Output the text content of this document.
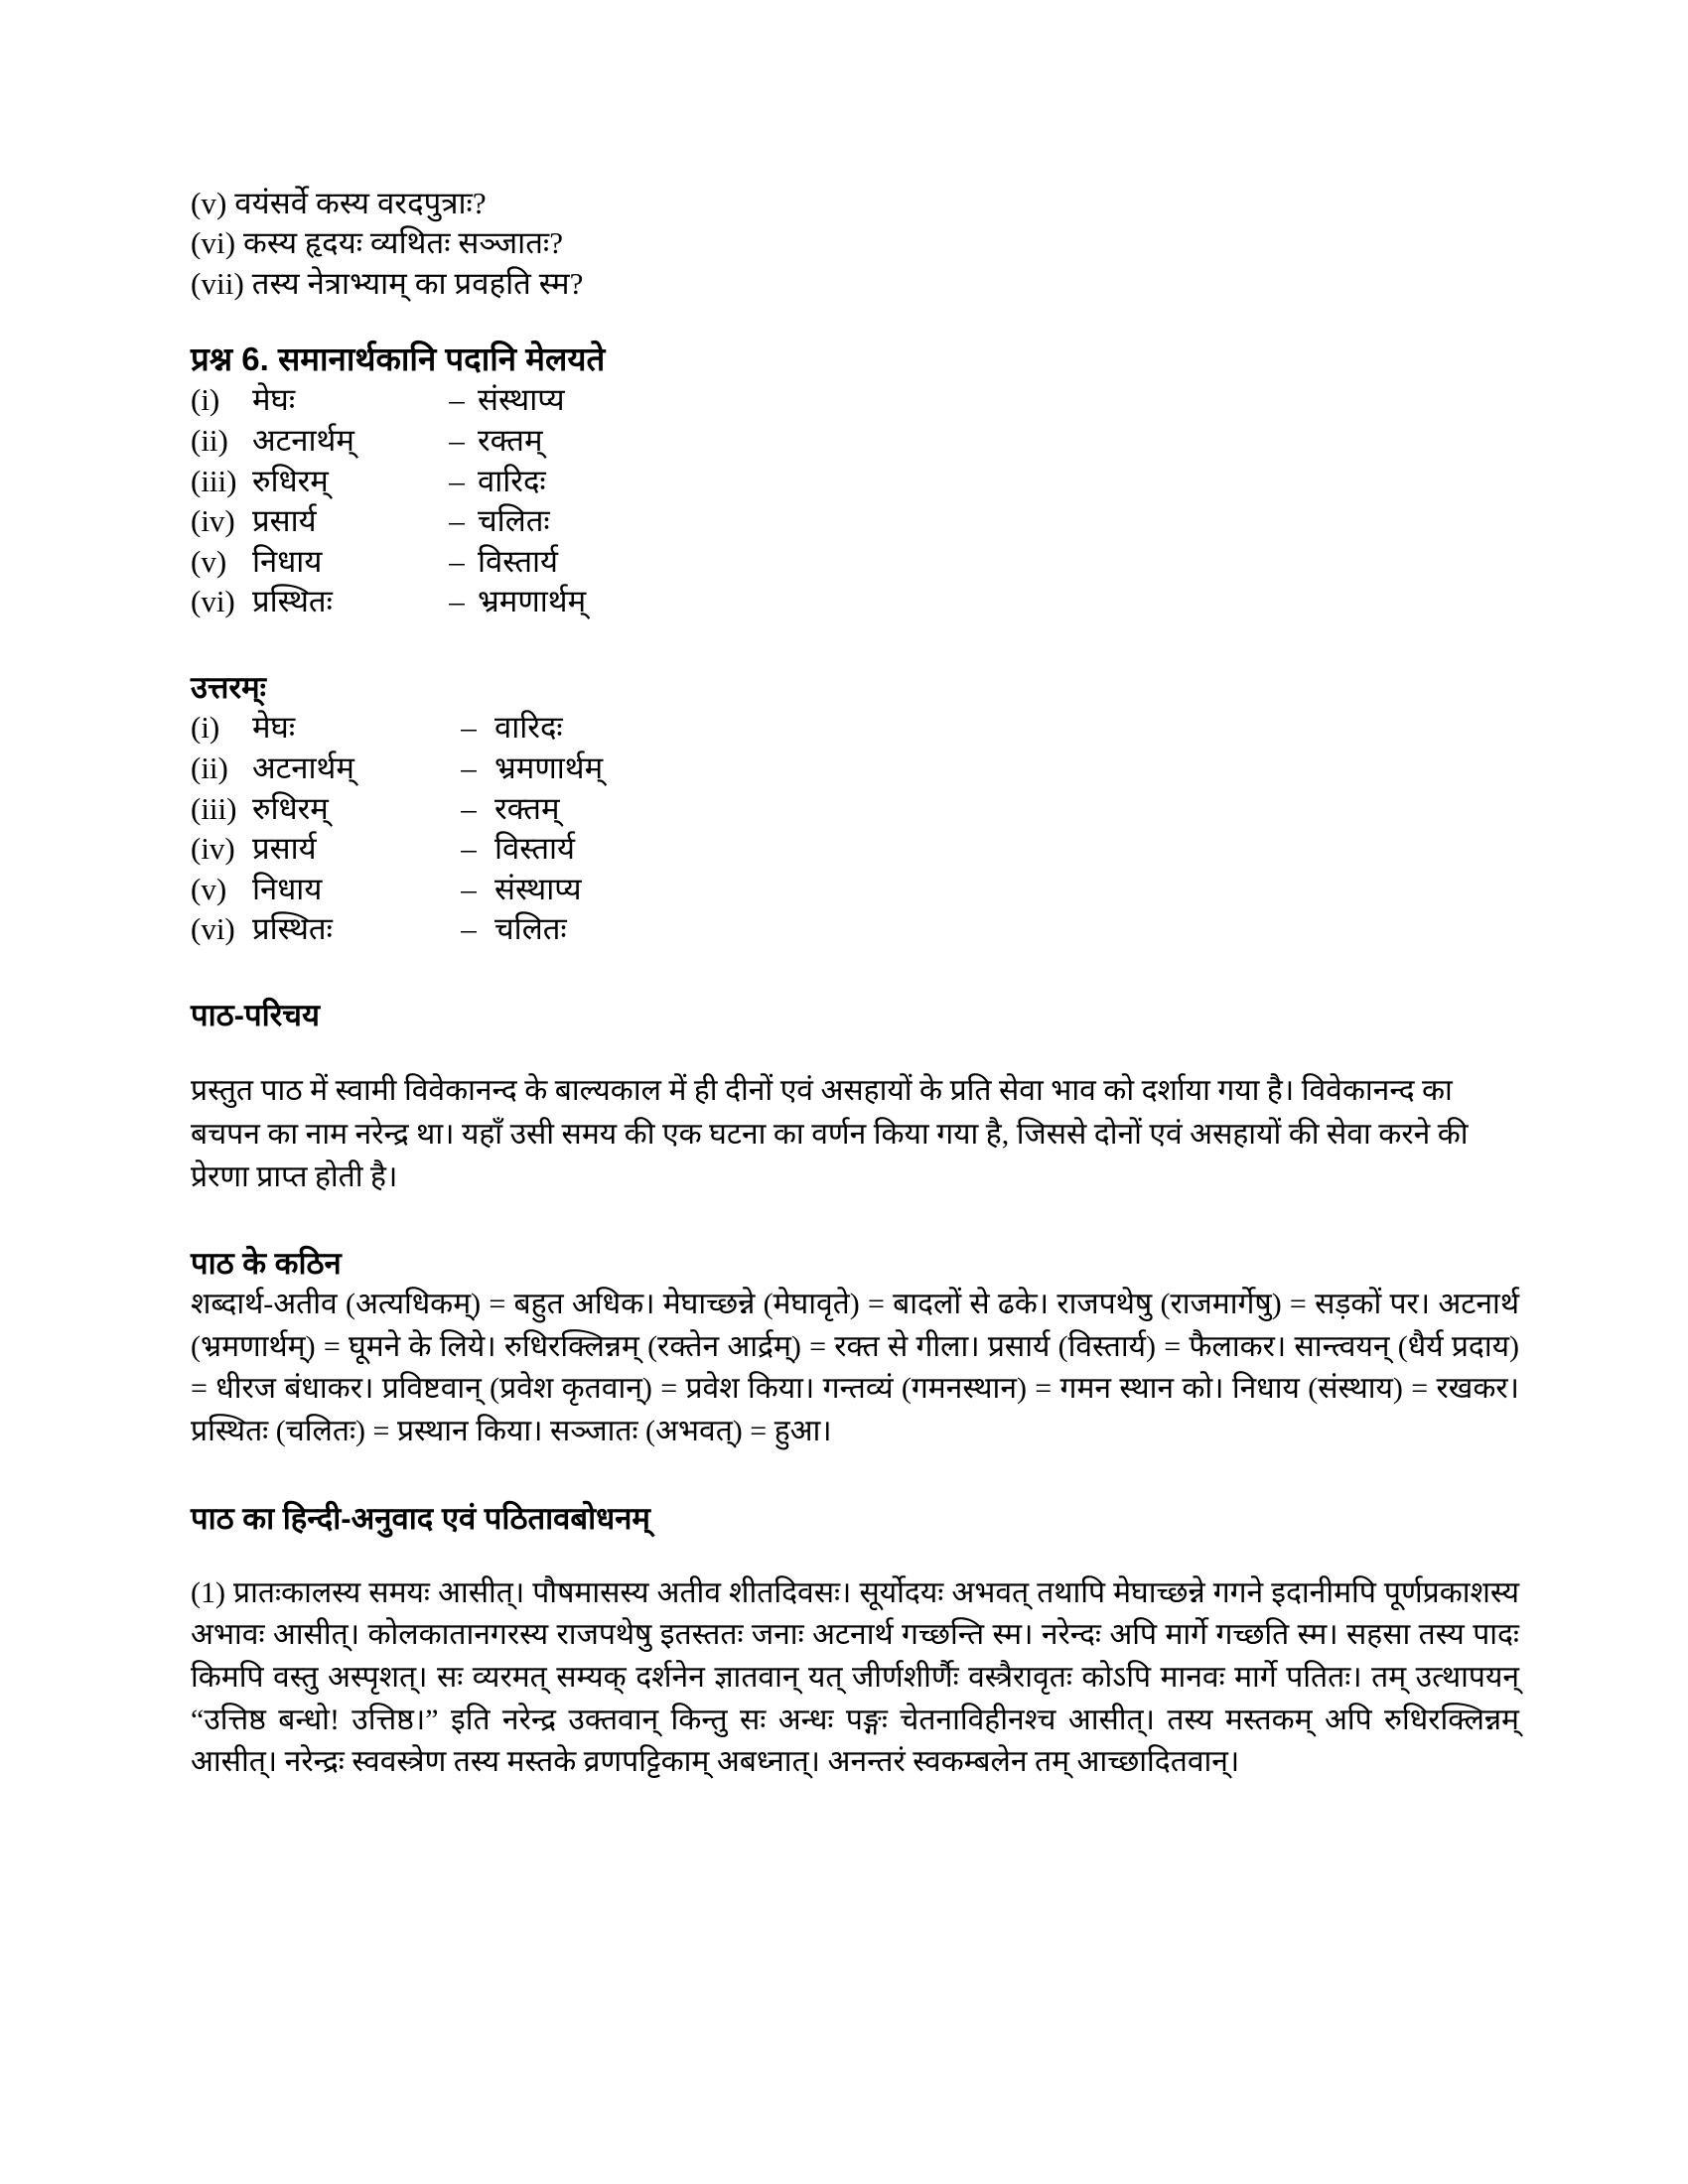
(v) वयंसर्वे कस्य वरदपुत्राः?
(vi) कस्य हृदयः व्यथितः सञ्जातः?
(vii) तस्य नेत्राभ्याम् का प्रवहति स्म?
प्रश्न 6. समानार्थकानि पदानि मेलयते
(i)	मेघः	– संस्थाप्य
(ii) अटनार्थम्	– रक्तम्
(iii) रुधिरम्	– वारिदः
(iv) प्रसार्य	– चलितः
(v) निधाय	– विस्तार्य
(vi) प्रस्थितः	– भ्रमणार्थम्
उत्तरम्ः
(i)	मेघः	– वारिदः
(ii) अटनार्थम्	– भ्रमणार्थम्
(iii) रुधिरम्	– रक्तम्
(iv) प्रसार्य	– विस्तार्य
(v) निधाय	– संस्थाप्य
(vi) प्रस्थितः	– चलितः
पाठ-परिचय
प्रस्तुत पाठ में स्वामी विवेकानन्द के बाल्यकाल में ही दीनों एवं असहायों के प्रति सेवा भाव को दर्शाया गया है। विवेकानन्द का बचपन का नाम नरेन्द्र था। यहाँ उसी समय की एक घटना का वर्णन किया गया है, जिससे दोनों एवं असहायों की सेवा करने की प्रेरणा प्राप्त होती है।
पाठ के कठिन
शब्दार्थ-अतीव (अत्यधिकम्) = बहुत अधिक। मेघाच्छन्ने (मेघावृते) = बादलों से ढके। राजपथेषु (राजमार्गेषु) = सड़कों पर। अटनार्थ (भ्रमणार्थम्) = घूमने के लिये। रुधिरक्लिन्नम् (रक्तेन आर्द्रम्) = रक्त से गीला। प्रसार्य (विस्तार्य) = फैलाकर। सान्त्वयन् (धैर्य प्रदाय) = धीरज बंधाकर। प्रविष्टवान् (प्रवेश कृतवान्) = प्रवेश किया। गन्तव्यं (गमनस्थान) = गमन स्थान को। निधाय (संस्थाय) = रखकर। प्रस्थितः (चलितः) = प्रस्थान किया। सञ्जातः (अभवत्) = हुआ।
पाठ का हिन्दी-अनुवाद एवं पठितावबोधनम्
(1) प्रातःकालस्य समयः आसीत्। पौषमासस्य अतीव शीतदिवसः। सूर्योदयः अभवत् तथापि मेघाच्छन्ने गगने इदानीमपि पूर्णप्रकाशस्य अभावः आसीत्। कोलकातानगरस्य राजपथेषु इतस्ततः जनाः अटनार्थ गच्छन्ति स्म। नरेन्दः अपि मार्गे गच्छति स्म। सहसा तस्य पादः किमपि वस्तु अस्पृशत्। सः व्यरमत् सम्यक् दर्शनेन ज्ञातवान् यत् जीर्णशीर्णैः वस्त्रैरावृतः कोऽपि मानवः मार्गे पतितः। तम् उत्थापयन् “उत्तिष्ठ बन्धो! उत्तिष्ठ।” इति नरेन्द्र उक्तवान् किन्तु सः अन्धः पङ्गः चेतनाविहीनश्च आसीत्। तस्य मस्तकम् अपि रुधिरक्लिन्नम् आसीत्। नरेन्द्रः स्ववस्त्रेण तस्य मस्तके व्रणपट्टिकाम् अबध्नात्। अनन्तरं स्वकम्बलेन तम् आच्छादितवान्।
